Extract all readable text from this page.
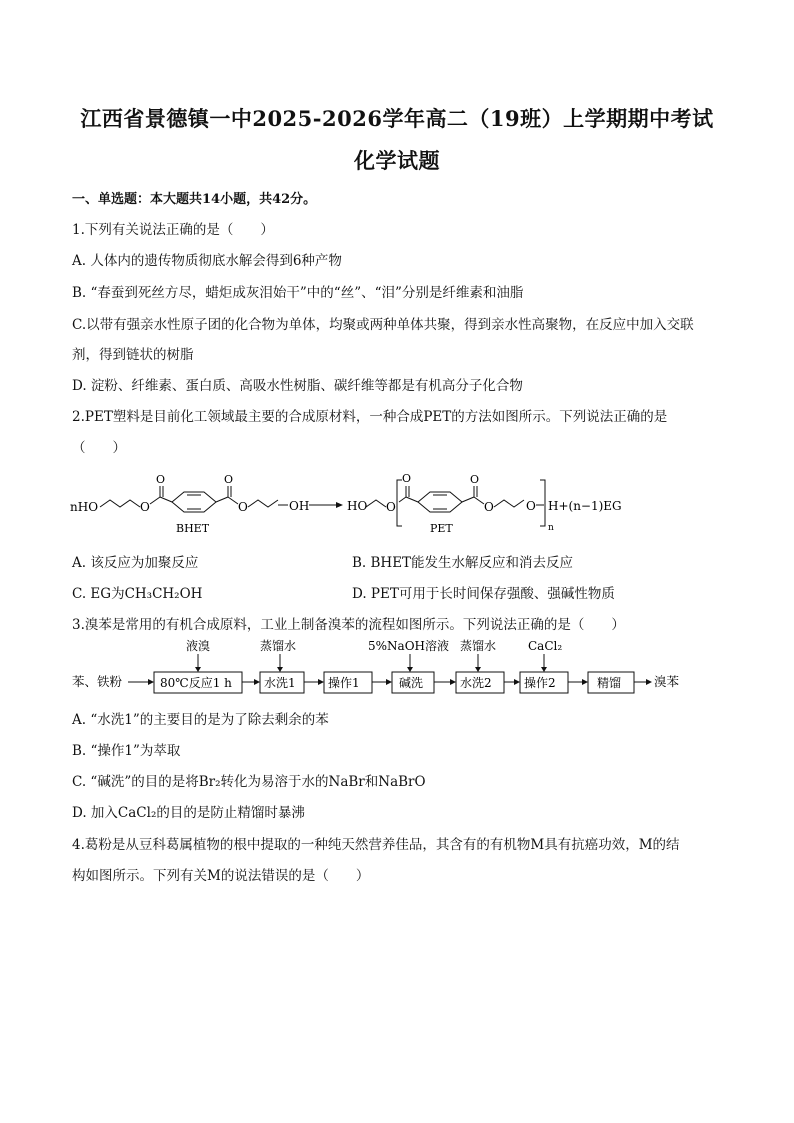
江西省景德镇一中2025-2026学年高二（19班）上学期期中考试
化学试题
一、单选题：本大题共14小题，共42分。
1.下列有关说法正确的是（　　）
A. 人体内的遗传物质彻底水解会得到6种产物
B. “春蚕到死丝方尽，蜡炬成灰泪始干”中的“丝”、“泪”分别是纤维素和油脂
C.以带有强亲水性原子团的化合物为单体，均聚或两种单体共聚，得到亲水性高聚物，在反应中加入交联
剂，得到链状的树脂
D. 淀粉、纤维素、蛋白质、高吸水性树脂、碳纤维等都是有机高分子化合物
2.PET塑料是目前化工领域最主要的合成原材料，一种合成PET的方法如图所示。下列说法正确的是
（　　）
nHO	O
O	O
O	OH
BHET
HO O
O	O
O	O
n
H+(n−1)EG
PET
A. 该反应为加聚反应	B. BHET能发生水解反应和消去反应
C. EG为CH₃CH₂OH	D. PET可用于长时间保存强酸、强碱性物质
3.溴苯是常用的有机合成原料，工业上制备溴苯的流程如图所示。下列说法正确的是（　　）
苯、铁粉
液溴
80℃反应1 h
蒸馏水
水洗1	操作1
5%NaOH溶液
碱洗
蒸馏水
水洗2
CaCl₂
操作2	精馏	溴苯
A. “水洗1”的主要目的是为了除去剩余的苯
B. “操作1”为萃取
C. “碱洗”的目的是将Br₂转化为易溶于水的NaBr和NaBrO
D. 加入CaCl₂的目的是防止精馏时暴沸
4.葛粉是从豆科葛属植物的根中提取的一种纯天然营养佳品，其含有的有机物M具有抗癌功效，M的结
构如图所示。下列有关M的说法错误的是（　　）
